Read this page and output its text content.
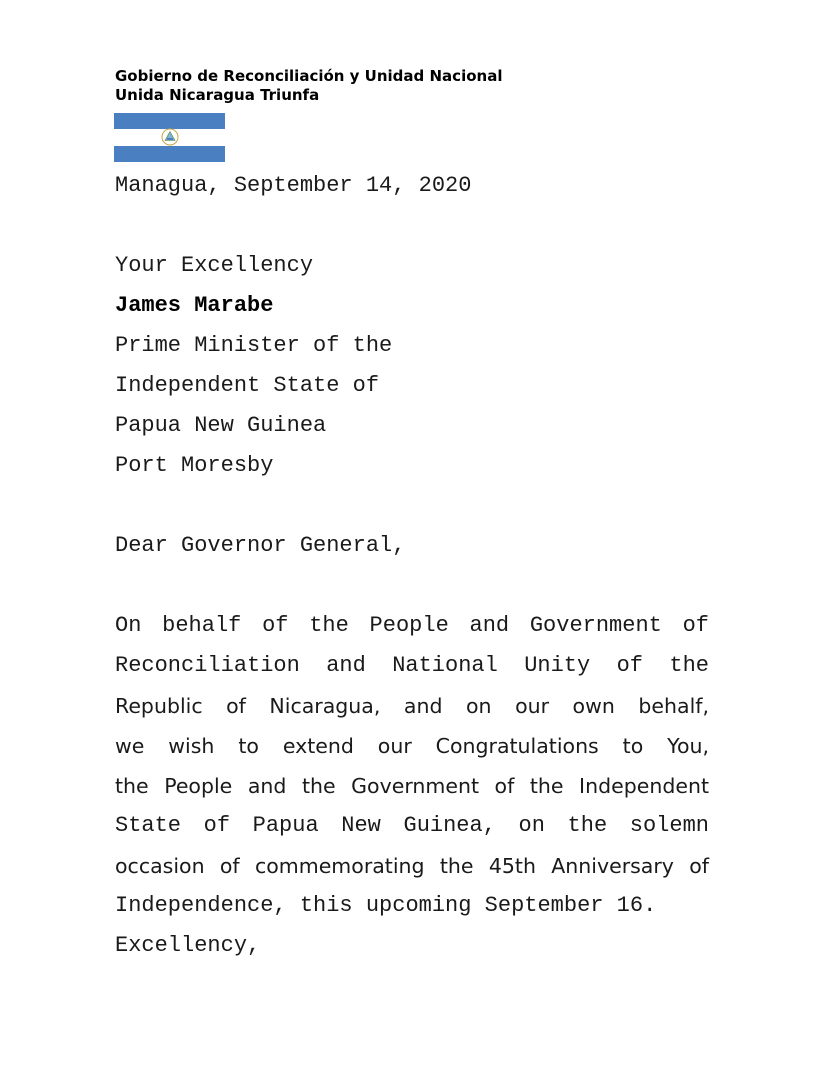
Gobierno de Reconciliación y Unidad Nacional
Unida Nicaragua Triunfa
Managua, September 14, 2020
Your Excellency
James Marabe
Prime Minister of the
Independent State of
Papua New Guinea
Port Moresby
Dear Governor General,
On behalf of the People and Government of
Reconciliation and National Unity of the
Republic of Nicaragua, and on our own behalf,
we wish to extend our Congratulations to You,
the People and the Government of the Independent
State of Papua New Guinea, on the solemn
occasion of commemorating the 45th Anniversary of
Independence, this upcoming September 16.
Excellency,
